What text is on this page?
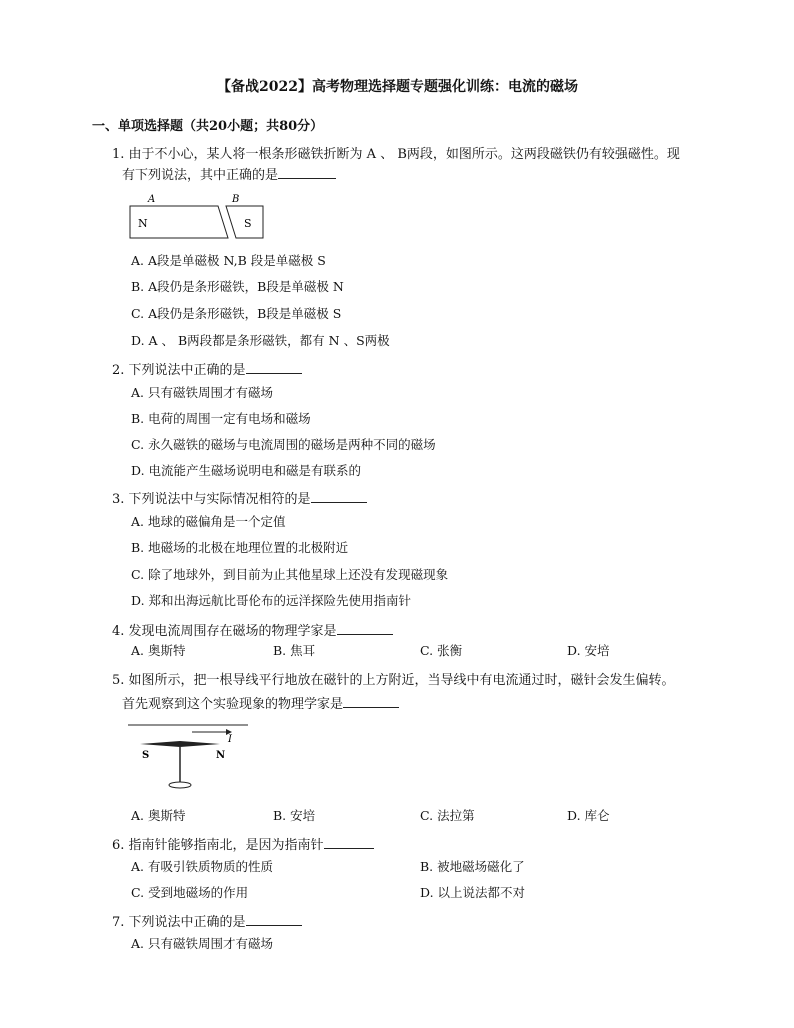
【备战2022】高考物理选择题专题强化训练：电流的磁场
一、单项选择题（共20小题；共80分）
1. 由于不小心，某人将一根条形磁铁折断为 A 、 B两段，如图所示。这两段磁铁仍有较强磁性。现
有下列说法，其中正确的是
A	B
N	S
A. A段是单磁极 N,B 段是单磁极 S
B. A段仍是条形磁铁，B段是单磁极 N
C. A段仍是条形磁铁，B段是单磁极 S
D. A 、 B两段都是条形磁铁，都有 N 、S两极
2. 下列说法中正确的是
A. 只有磁铁周围才有磁场
B. 电荷的周围一定有电场和磁场
C. 永久磁铁的磁场与电流周围的磁场是两种不同的磁场
D. 电流能产生磁场说明电和磁是有联系的
3. 下列说法中与实际情况相符的是
A. 地球的磁偏角是一个定值
B. 地磁场的北极在地理位置的北极附近
C. 除了地球外，到目前为止其他星球上还没有发现磁现象
D. 郑和出海远航比哥伦布的远洋探险先使用指南针
4. 发现电流周围存在磁场的物理学家是
A. 奥斯特	B. 焦耳	C. 张衡	D. 安培
5. 如图所示，把一根导线平行地放在磁针的上方附近，当导线中有电流通过时，磁针会发生偏转。
首先观察到这个实验现象的物理学家是
I
S	N
A. 奥斯特	B. 安培	C. 法拉第	D. 库仑
6. 指南针能够指南北，是因为指南针
A. 有吸引铁质物质的性质	B. 被地磁场磁化了
C. 受到地磁场的作用	D. 以上说法都不对
7. 下列说法中正确的是
A. 只有磁铁周围才有磁场
